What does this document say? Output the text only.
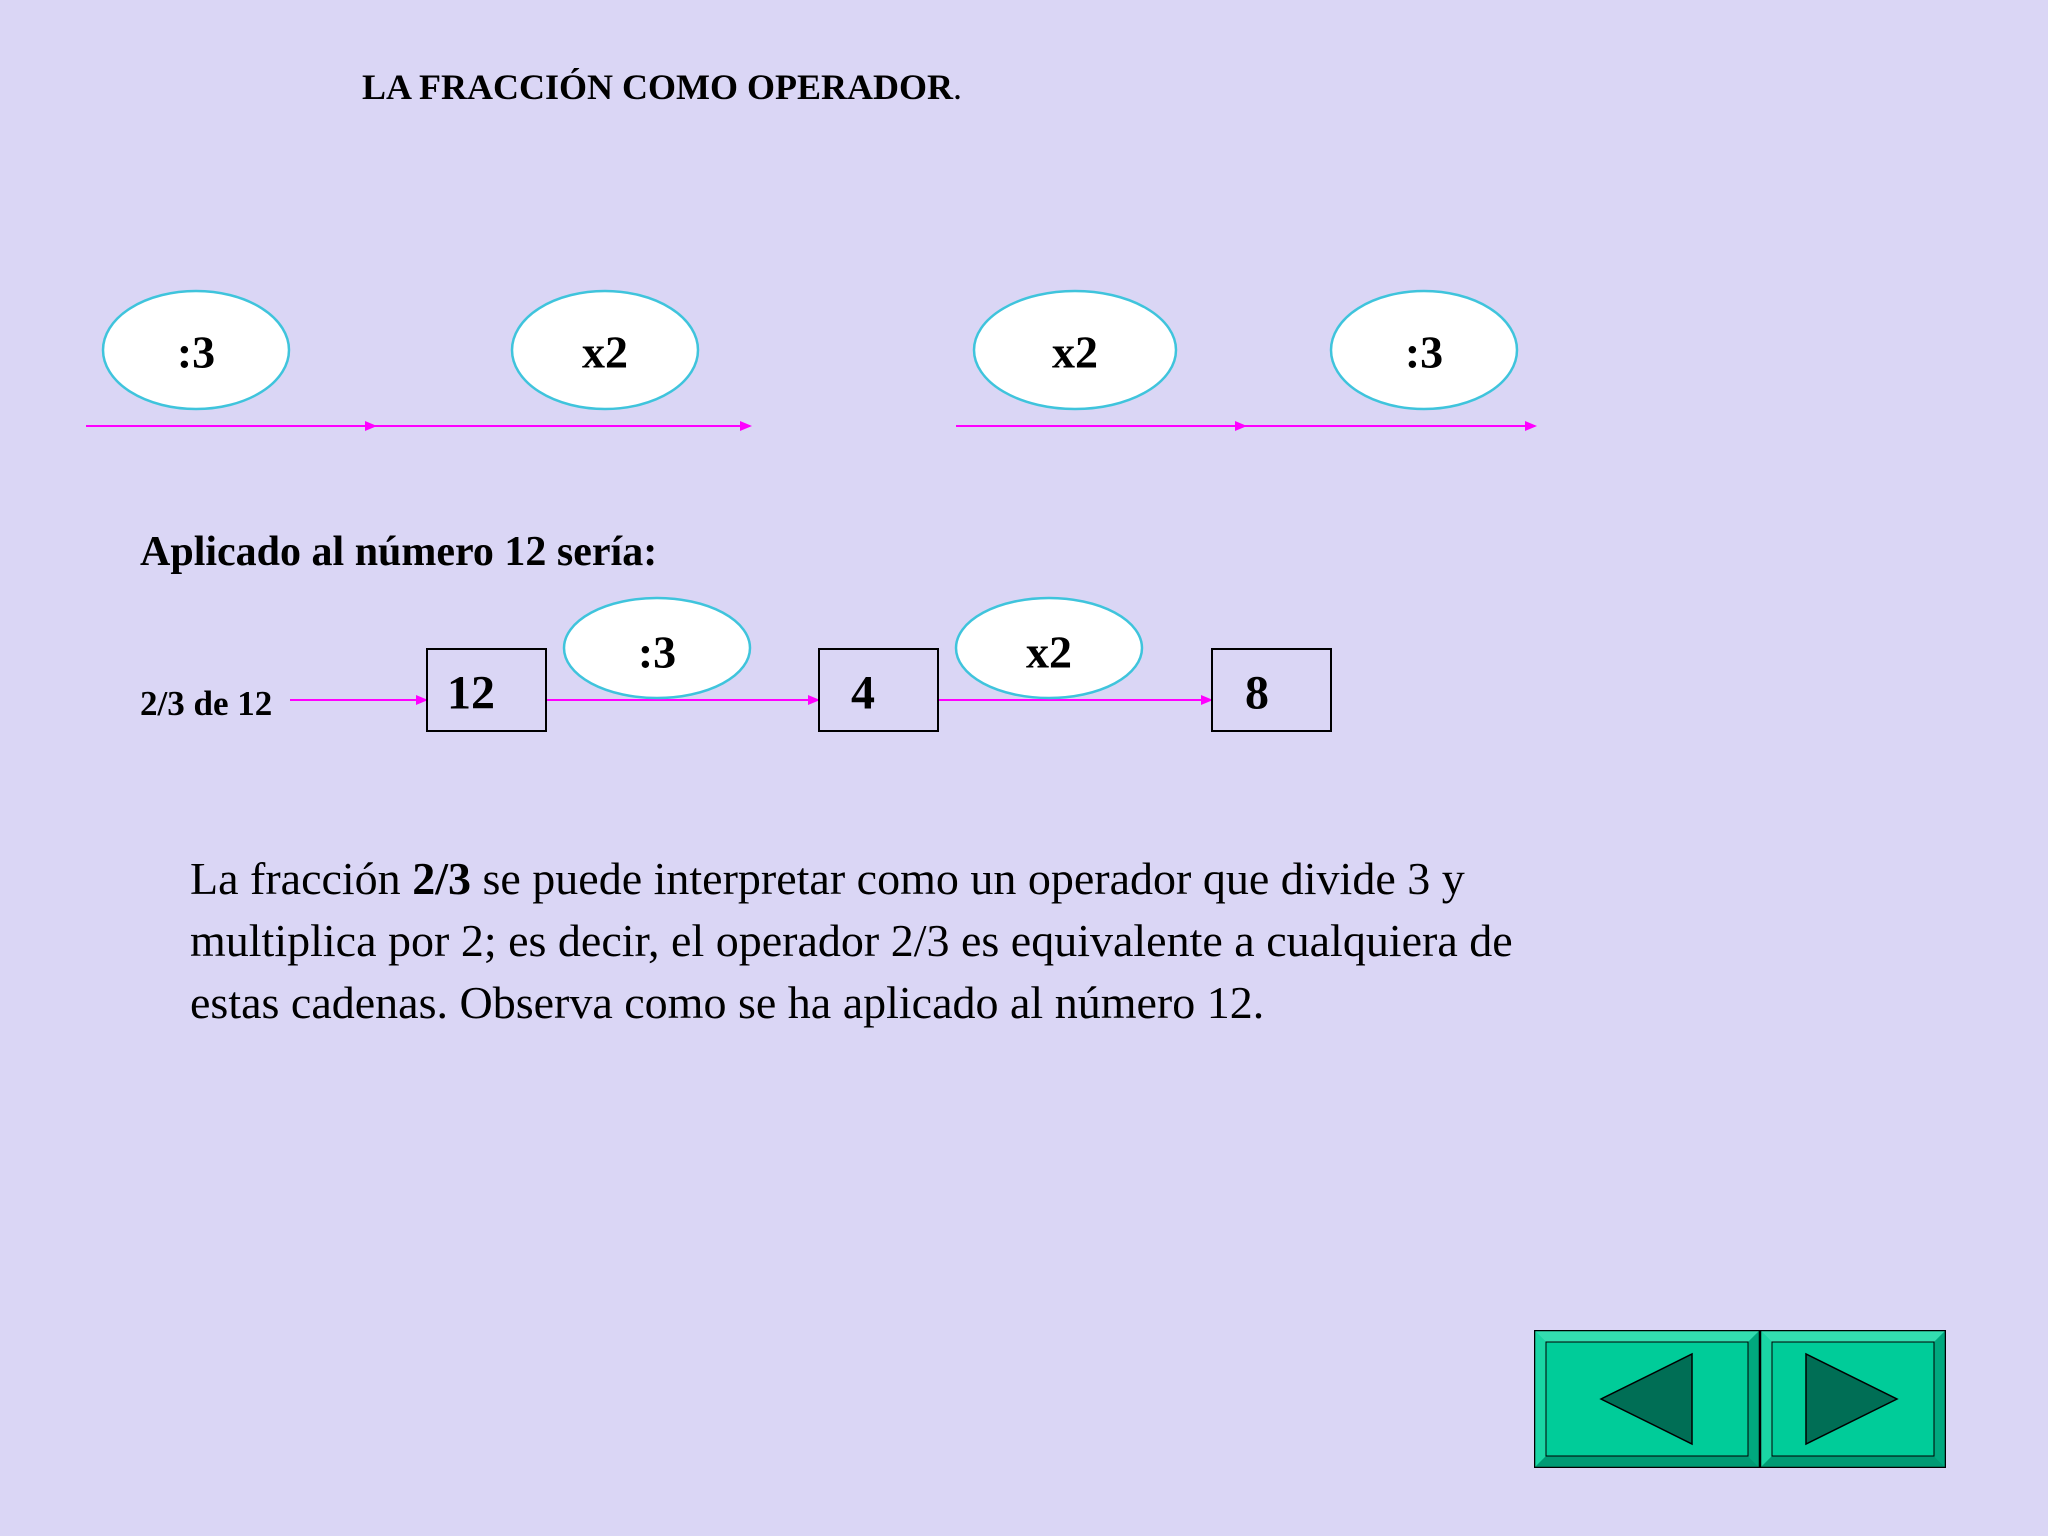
LA FRACCIÓN COMO OPERADOR.
:3	x2	x2	:3
12
:3
4
x2
8
Aplicado al número 12 sería:
2/3 de 12

La fracción 2/3 se puede interpretar como un operador que divide 3 y multiplica por 2; es decir, el operador 2/3 es equivalente a cualquiera de estas cadenas. Observa como se ha aplicado al número 12.
